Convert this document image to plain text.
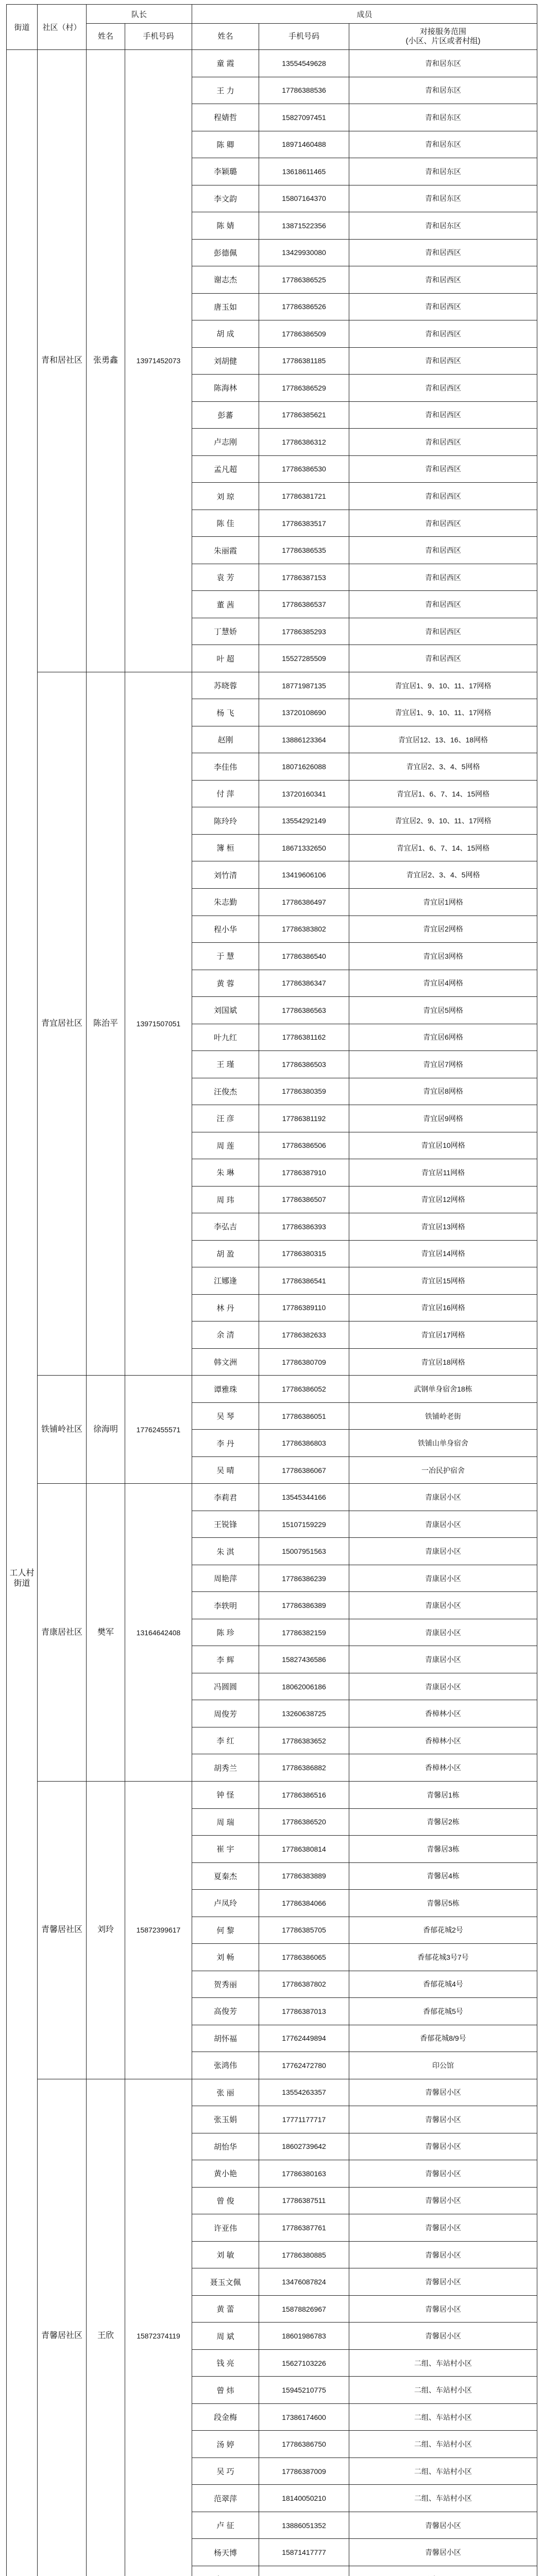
街道	社区（村）	队长		成员		
		姓名	手机号码	姓名	手机号码	对接服务范围
(小区、片区或者村组)
工人村街道	青和居社区	张勇鑫	13971452073	童 霞	13554549628	青和居东区
				王 力	17786388536	青和居东区
				程婧哲	15827097451	青和居东区
				陈 卿	18971460488	青和居东区
				李颖璐	13618611465	青和居东区
				李文韵	15807164370	青和居东区
				陈 婧	13871522356	青和居东区
				彭德佩	13429930080	青和居西区
				谢志杰	17786386525	青和居西区
				唐玉如	17786386526	青和居西区
				胡 成	17786386509	青和居西区
				刘胡健	17786381185	青和居西区
				陈海林	17786386529	青和居西区
				彭蕃	17786385621	青和居西区
				卢志刚	17786386312	青和居西区
				孟凡超	17786386530	青和居西区
				刘 琼	17786381721	青和居西区
				陈 佳	17786383517	青和居西区
				朱丽霞	17786386535	青和居西区
				袁 芳	17786387153	青和居西区
				董 茜	17786386537	青和居西区
				丁慧娇	17786385293	青和居西区
				叶 超	15527285509	青和居西区
	青宜居社区	陈治平	13971507051	苏晓蓉	18771987135	青宜居1、9、10、11、17网格
				杨 飞	13720108690	青宜居1、9、10、11、17网格
				赵刚	13886123364	青宜居12、13、16、18网格
				李佳伟	18071626088	青宜居2、3、4、5网格
				付 萍	13720160341	青宜居1、6、7、14、15网格
				陈玲玲	13554292149	青宜居2、9、10、11、17网格
				簿 桓	18671332650	青宜居1、6、7、14、15网格
				刘竹清	13419606106	青宜居2、3、4、5网格
				朱志勤	17786386497	青宜居1网格
				程小华	17786383802	青宜居2网格
				于 慧	17786386540	青宜居3网格
				黄 蓉	17786386347	青宜居4网格
				刘国斌	17786386563	青宜居5网格
				叶九红	17786381162	青宜居6网格
				王 瑾	17786386503	青宜居7网格
				汪俊杰	17786380359	青宜居8网格
				汪 彦	17786381192	青宜居9网格
				周 莲	17786386506	青宜居10网格
				朱 琳	17786387910	青宜居11网格
				周 玮	17786386507	青宜居12网格
				李弘吉	17786386393	青宜居13网格
				胡 盈	17786380315	青宜居14网格
				江娜逢	17786386541	青宜居15网格
				林 丹	17786389110	青宜居16网格
				余 清	17786382633	青宜居17网格
				韩文洲	17786380709	青宜居18网格
	铁铺岭社区	徐海明	17762455571	谭雅珠	17786386052	武钢单身宿舍18栋
				吴 琴	17786386051	铁铺岭老街
				李 丹	17786386803	铁铺山单身宿舍
				吴 晴	17786386067	一冶民护宿舍
	青康居社区	樊军	13164642408	李莉君	13545344166	青康居小区
				王锐锋	15107159229	青康居小区
				朱 淇	15007951563	青康居小区
				周艳萍	17786386239	青康居小区
				李轶明	17786386389	青康居小区
				陈 珍	17786382159	青康居小区
				李 辉	15827436586	青康居小区
				冯圆圆	18062006186	青康居小区
				周俊芳	13260638725	香樟林小区
				李 红	17786383652	香樟林小区
				胡秀兰	17786386882	香樟林小区
	青馨居社区	刘玲	15872399617	钟 怪	17786386516	青馨居1栋
				周 瑞	17786386520	青馨居2栋
				崔 宇	17786380814	青馨居3栋
				夏秦杰	17786383889	青馨居4栋
				卢凤玲	17786384066	青馨居5栋
				何 黎	17786385705	香郁花城2号
				刘 畅	17786386065	香郁花城3号7号
				贺秀丽	17786387802	香郁花城4号
				高俊芳	17786387013	香郁花城5号
				胡怀福	17762449894	香郁花城8/9号
				张鸿伟	17762472780	印公馆
	青馨居社区	王欣	15872374119	张 丽	13554263357	青馨居小区
				张玉娟	17771177717	青馨居小区
				胡怡华	18602739642	青馨居小区
				黄小艳	17786380163	青馨居小区
				曾 俊	17786387511	青馨居小区
				许亚伟	17786387761	青馨居小区
				刘 敏	17786380885	青馨居小区
				聂玉文佩	13476087824	青馨居小区
				黄 蕾	15878826967	青馨居小区
				周 斌	18601986783	青馨居小区
				钱 亮	15627103226	二组、车站村小区
				曾 炜	15945210775	二组、车站村小区
				段金梅	17386174600	二组、车站村小区
				汤 婷	17786386750	二组、车站村小区
				吴 巧	17786387009	二组、车站村小区
				范翠萍	18140050210	二组、车站村小区
				卢 征	13886051352	青馨居小区
				杨天博	15871417777	青馨居小区
